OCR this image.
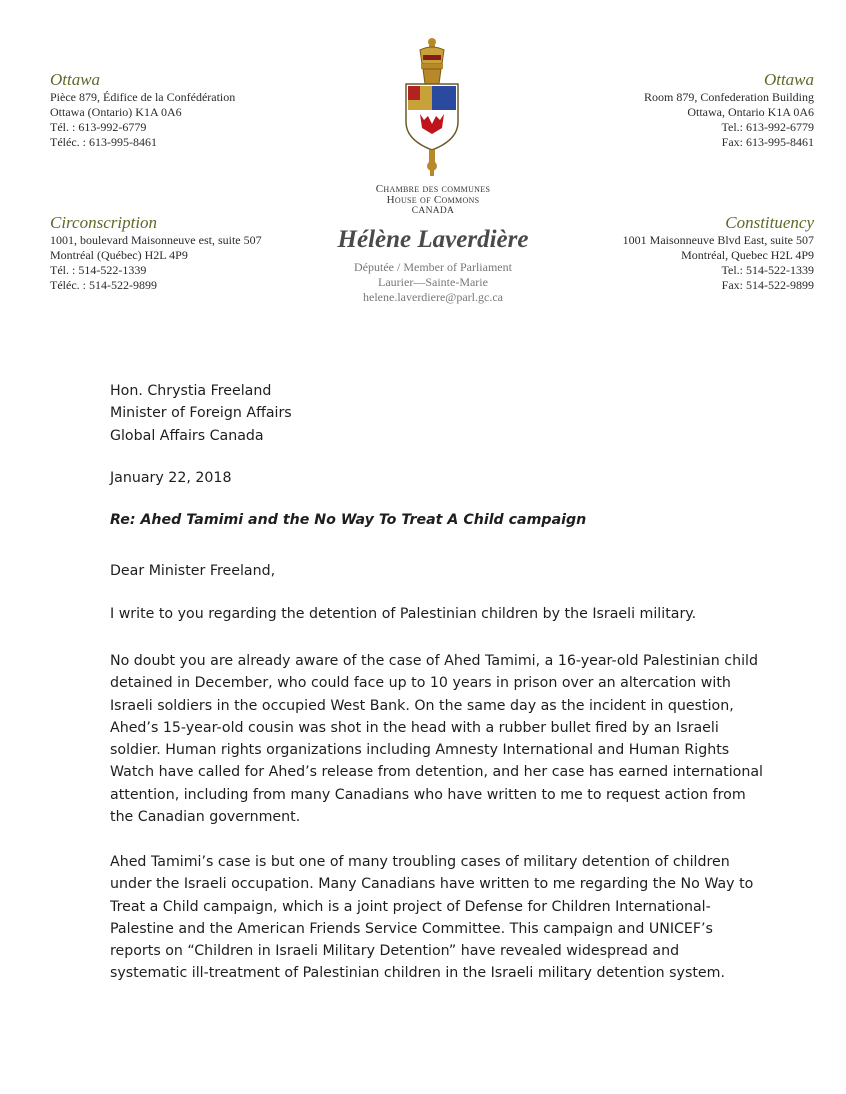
Ottawa
Pièce 879, Édifice de la Confédération
Ottawa (Ontario) K1A 0A6
Tél. : 613-992-6779
Téléc. : 613-995-8461
Ottawa
Room 879, Confederation Building
Ottawa, Ontario K1A 0A6
Tel.: 613-992-6779
Fax: 613-995-8461
Chambre des communes
House of Commons
CANADA
Circonscription
1001, boulevard Maisonneuve est, suite 507
Montréal (Québec) H2L 4P9
Tél. : 514-522-1339
Téléc. : 514-522-9899
Constituency
1001 Maisonneuve Blvd East, suite 507
Montréal, Quebec H2L 4P9
Tel.: 514-522-1339
Fax: 514-522-9899
Hélène Laverdière
Députée / Member of Parliament
Laurier—Sainte-Marie
helene.laverdiere@parl.gc.ca
Hon. Chrystia Freeland
Minister of Foreign Affairs
Global Affairs Canada
January 22, 2018
Re: Ahed Tamimi and the No Way To Treat A Child campaign
Dear Minister Freeland,
I write to you regarding the detention of Palestinian children by the Israeli military.
No doubt you are already aware of the case of Ahed Tamimi, a 16-year-old Palestinian child
detained in December, who could face up to 10 years in prison over an altercation with
Israeli soldiers in the occupied West Bank. On the same day as the incident in question,
Ahed’s 15-year-old cousin was shot in the head with a rubber bullet fired by an Israeli
soldier. Human rights organizations including Amnesty International and Human Rights
Watch have called for Ahed’s release from detention, and her case has earned international
attention, including from many Canadians who have written to me to request action from
the Canadian government.
Ahed Tamimi’s case is but one of many troubling cases of military detention of children
under the Israeli occupation. Many Canadians have written to me regarding the No Way to
Treat a Child campaign, which is a joint project of Defense for Children International-
Palestine and the American Friends Service Committee. This campaign and UNICEF’s
reports on “Children in Israeli Military Detention” have revealed widespread and
systematic ill-treatment of Palestinian children in the Israeli military detention system.
